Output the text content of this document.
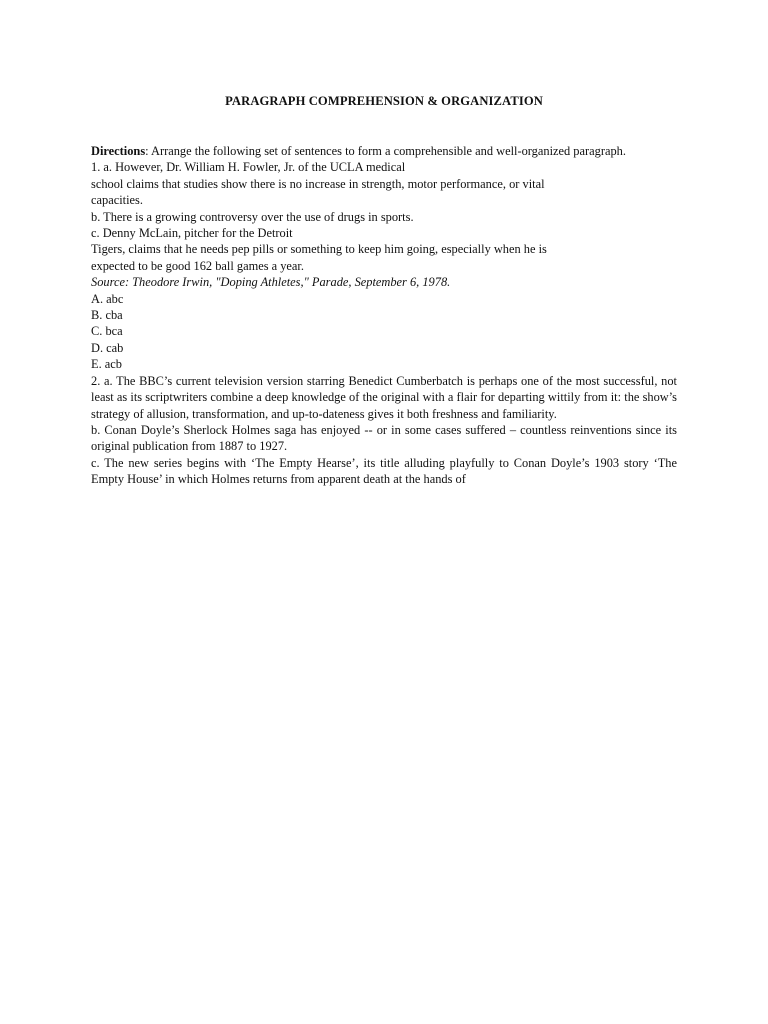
PARAGRAPH COMPREHENSION & ORGANIZATION
Directions: Arrange the following set of sentences to form a comprehensible and well-organized paragraph.
1. a. However, Dr. William H. Fowler, Jr. of the UCLA medical
school claims that studies show there is no increase in strength, motor performance, or vital
capacities.
b. There is a growing controversy over the use of drugs in sports.
c. Denny McLain, pitcher for the Detroit
Tigers, claims that he needs pep pills or something to keep him going, especially when he is
expected to be good 162 ball games a year.
Source: Theodore Irwin, "Doping Athletes," Parade, September 6, 1978.
A. abc
B. cba
C. bca
D. cab
E. acb
2. a. The BBC’s current television version starring Benedict Cumberbatch is perhaps one of the most successful, not least as its scriptwriters combine a deep knowledge of the original with a flair for departing wittily from it: the show’s strategy of allusion, transformation, and up-to-dateness gives it both freshness and familiarity.
b. Conan Doyle’s Sherlock Holmes saga has enjoyed -- or in some cases suffered – countless reinventions since its original publication from 1887 to 1927.
c. The new series begins with ‘The Empty Hearse’, its title alluding playfully to Conan Doyle’s 1903 story ‘The Empty House’ in which Holmes returns from apparent death at the hands of
